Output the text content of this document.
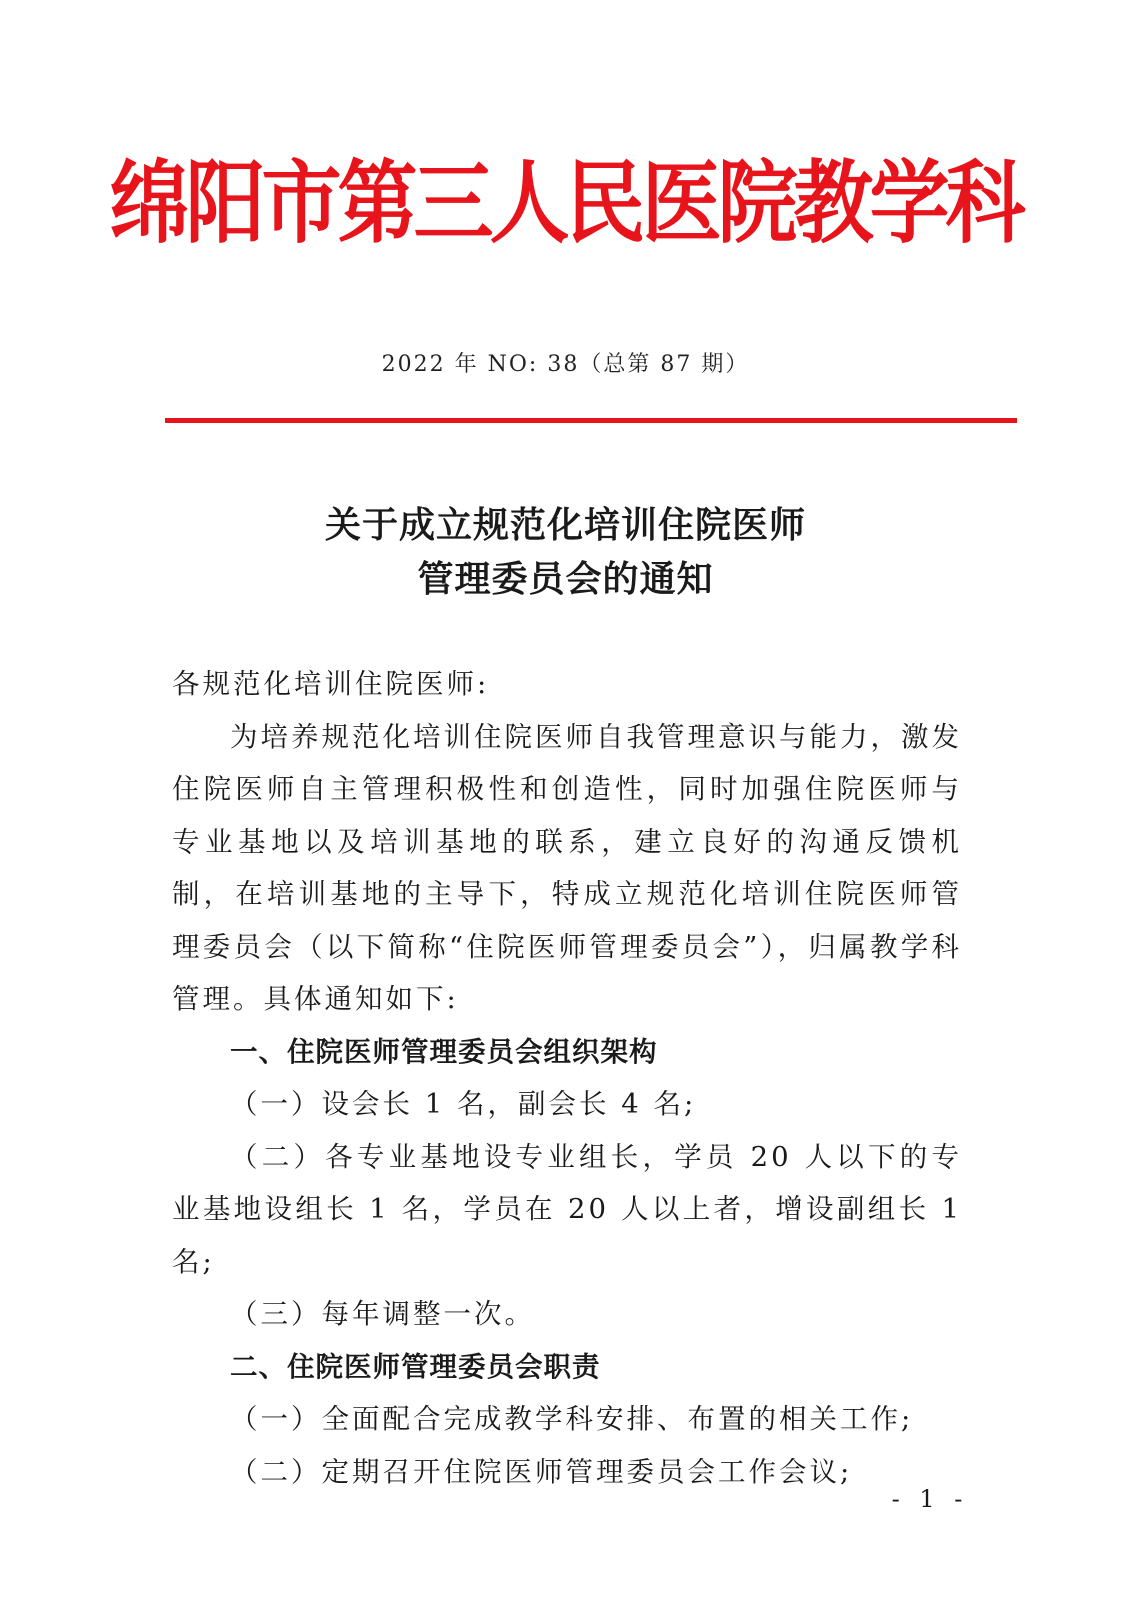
绵阳市第三人民医院教学科
2022 年 NO: 38（总第 87 期）
关于成立规范化培训住院医师
管理委员会的通知

各规范化培训住院医师:

为培养规范化培训住院医师自我管理意识与能力，激发住院医师自主管理积极性和创造性，同时加强住院医师与专业基地以及培训基地的联系，建立良好的沟通反馈机制，在培训基地的主导下，特成立规范化培训住院医师管理委员会（以下简称“住院医师管理委员会”），归属教学科管理。具体通知如下:

一、住院医师管理委员会组织架构

（一）设会长 1 名，副会长 4 名;

（二）各专业基地设专业组长，学员 20 人以下的专业基地设组长 1 名，学员在 20 人以上者，增设副组长 1 名;

（三）每年调整一次。

二、住院医师管理委员会职责

（一）全面配合完成教学科安排、布置的相关工作;

（二）定期召开住院医师管理委员会工作会议;

- 1 -
